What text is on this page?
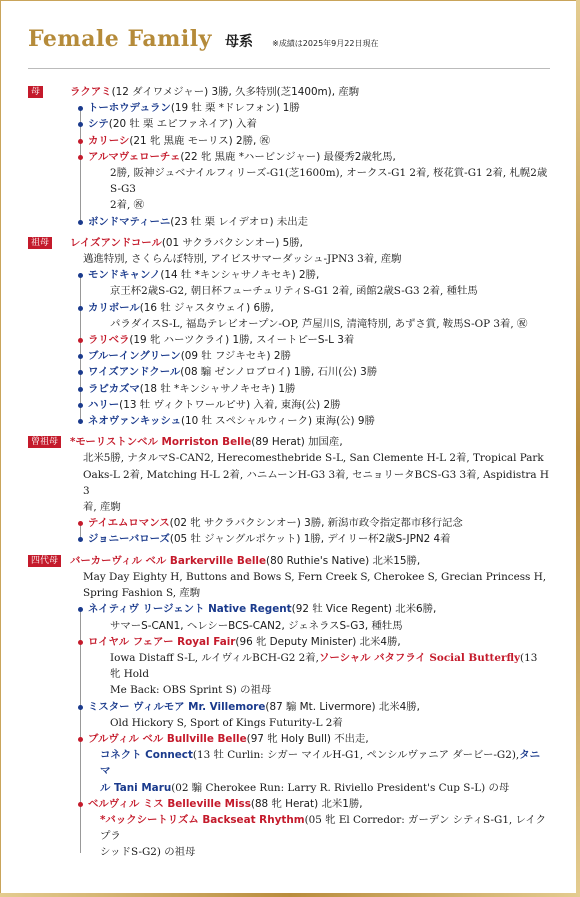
Female Family 母系 ※成績は2025年9月22日現在
母	ラクアミ(12 ダイワメジャー) 3勝, 久多特別(芝1400m), 産駒
トーホウデュラン(19 牡 栗 *ドレフォン) 1勝
シテ(20 牡 栗 エピファネイア) 入着
カリーシ(21 牝 黒鹿 モーリス) 2勝, ㊗
アルマヴェローチェ(22 牝 黒鹿 *ハービンジャー) 最優秀2歳牝馬,
2勝, 阪神ジュベナイルフィリーズ-G1(芝1600m), オークス-G1 2着, 桜花賞-G1 2着, 札幌2歳S-G3
2着, ㊗
ボンドマティーニ(23 牡 栗 レイデオロ) 未出走
祖母 レイズアンドコール(01 サクラバクシンオー) 5勝,
邁進特別, さくらんぼ特別, アイビスサマーダッシュ-JPN3 3着, 産駒
モンドキャンノ(14 牡 *キンシャサノキセキ) 2勝,
京王杯2歳S-G2, 朝日杯フューチュリティS-G1 2着, 函館2歳S-G3 2着, 種牡馬
カリボール(16 牡 ジャスタウェイ) 6勝,
パラダイスS-L, 福島テレビオープン-OP, 芦屋川S, 清滝特別, あずさ賞, 鞍馬S-OP 3着, ㊗
ラリベラ(19 牝 ハーツクライ) 1勝, スイートピーS-L 3着
ブルーイングリーン(09 牡 フジキセキ) 2勝
ワイズアンドクール(08 騸 ゼンノロブロイ) 1勝, 石川(公) 3勝
ラピカズマ(18 牡 *キンシャサノキセキ) 1勝
ハリー(13 牡 ヴィクトワールピサ) 入着, 東海(公) 2勝
ネオヴァンキッシュ(10 牡 スペシャルウィーク) 東海(公) 9勝
曾祖母 *モーリストンベル Morriston Belle(89 Herat) 加国産,
北米5勝, ナタルマS-CAN2, Herecomesthebride S-L, San Clemente H-L 2着, Tropical Park
Oaks-L 2着, Matching H-L 2着, ハニムーンH-G3 3着, セニョリータBCS-G3 3着, Aspidistra H 3
着, 産駒
テイエムロマンス(02 牝 サクラバクシンオー) 3勝, 新潟市政令指定都市移行記念
ジョニーバローズ(05 牡 ジャングルポケット) 1勝, デイリー杯2歳S-JPN2 4着
四代母 バーカーヴィル ベル Barkerville Belle(80 Ruthie's Native) 北米15勝,
May Day Eighty H, Buttons and Bows S, Fern Creek S, Cherokee S, Grecian Princess H,
Spring Fashion S, 産駒
ネイティヴ リージェント Native Regent(92 牡 Vice Regent) 北米6勝,
サマーS-CAN1, ヘレシーBCS-CAN2, ジェネラスS-G3, 種牡馬
ロイヤル フェアー Royal Fair(96 牝 Deputy Minister) 北米4勝,
Iowa Distaff S-L, ルイヴィルBCH-G2 2着,ソーシャル バタフライ Social Butterfly(13 牝 Hold
Me Back: OBS Sprint S) の祖母
ミスター ヴィルモア Mr. Villemore(87 騸 Mt. Livermore) 北米4勝,
Old Hickory S, Sport of Kings Futurity-L 2着
ブルヴィル ベル Bullville Belle(97 牝 Holy Bull) 不出走,
コネクト Connect(13 牡 Curlin: シガー マイルH-G1, ペンシルヴァニア ダービー-G2),タニ マ
ル Tani Maru(02 騸 Cherokee Run: Larry R. Riviello President's Cup S-L) の母
ベルヴィル ミス Belleville Miss(88 牝 Herat) 北米1勝,
*バックシートリズム Backseat Rhythm(05 牝 El Corredor: ガーデン シティS-G1, レイクプラ
シッドS-G2) の祖母
